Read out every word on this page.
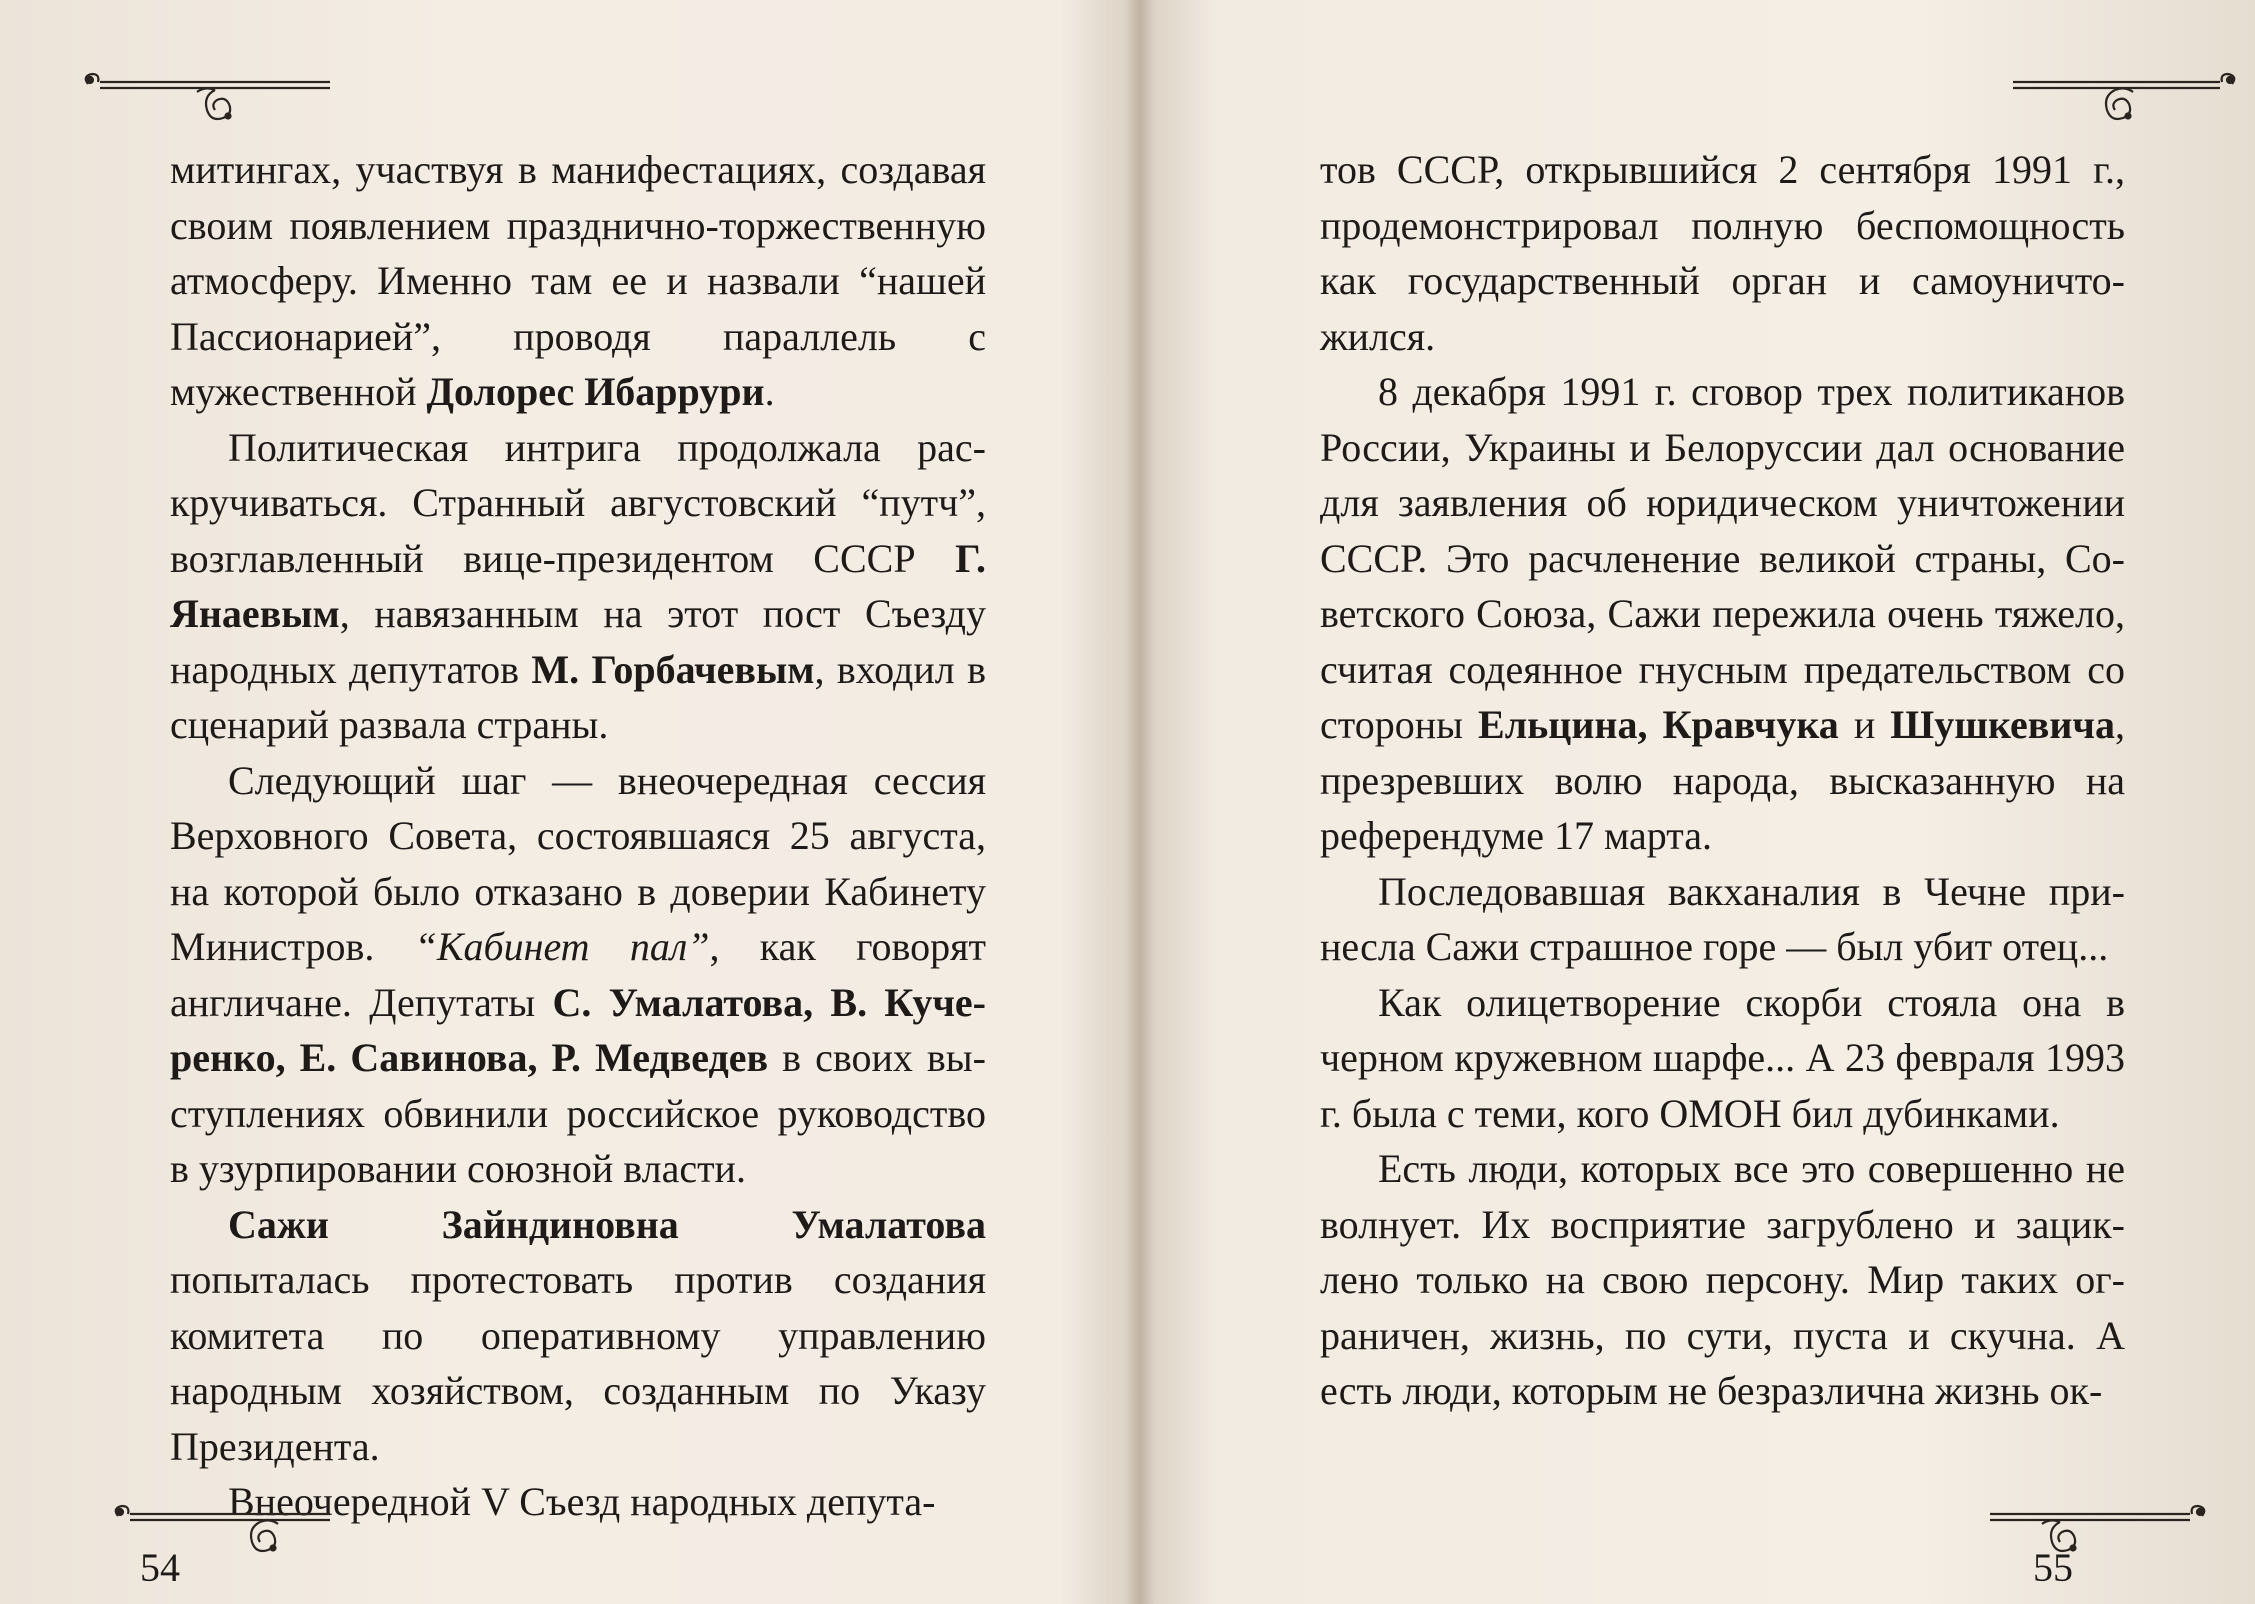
митингах, участвуя в манифестациях, создавая своим появлением празднично-торжественную атмосферу. Именно там ее и назвали “нашей Пассионарией”, проводя параллель с мужественной Долорес Ибаррури.

Политическая интрига продолжала раскручиваться. Странный августовский “путч”, возглавленный вице-президентом СССР Г. Янаевым, навязанным на этот пост Съезду народных депутатов М. Горбачевым, входил в сценарий развала страны.

Следующий шаг — внеочередная сессия Верховного Совета, состоявшаяся 25 августа, на которой было отказано в доверии Кабинету Министров. “Кабинет пал”, как говорят англичане. Депутаты С. Умалатова, В. Кучеренко, Е. Савинова, Р. Медведев в своих выступлениях обвинили российское руководство в узурпировании союзной власти.

Сажи Зайндиновна Умалатова попыталась протестовать против создания комитета по оперативному управлению народным хозяйством, созданным по Указу Президента.

Внеочередной V Съезд народных депута-

54

тов СССР, открывшийся 2 сентября 1991 г., продемонстрировал полную беспомощность как государственный орган и самоуничтожился.

8 декабря 1991 г. сговор трех политиканов России, Украины и Белоруссии дал основание для заявления об юридическом уничтожении СССР. Это расчленение великой страны, Советского Союза, Сажи пережила очень тяжело, считая содеянное гнусным предательством со стороны Ельцина, Кравчука и Шушкевича, презревших волю народа, высказанную на референдуме 17 марта.

Последовавшая вакханалия в Чечне принесла Сажи страшное горе — был убит отец...

Как олицетворение скорби стояла она в черном кружевном шарфе... А 23 февраля 1993 г. была с теми, кого ОМОН бил дубинками.

Есть люди, которых все это совершенно не волнует. Их восприятие загрублено и зациклено только на свою персону. Мир таких ограничен, жизнь, по сути, пуста и скучна. А есть люди, которым не безразлична жизнь ок-

55
